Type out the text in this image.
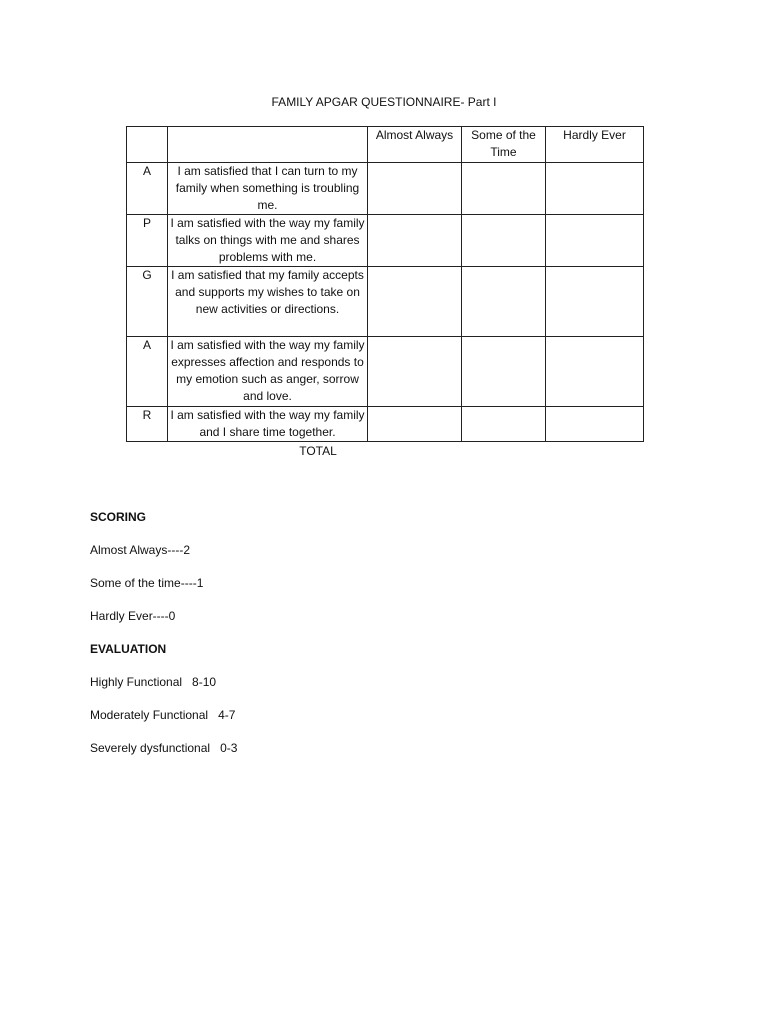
FAMILY APGAR QUESTIONNAIRE- Part I
		Almost Always	Some of the Time	Hardly Ever
A	I am satisfied that I can turn to my family when something is troubling me.			
P	I am satisfied with the way my family talks on things with me and shares problems with me.			
G	I am satisfied that my family accepts and supports my wishes to take on new activities or directions.			
A	I am satisfied with the way my family expresses affection and responds to my emotion such as anger, sorrow and love.			
R	I am satisfied with the way my family and I share time together.			
TOTAL
SCORING
Almost Always----2
Some of the time----1
Hardly Ever----0
EVALUATION
Highly Functional   8-10
Moderately Functional   4-7
Severely dysfunctional   0-3
